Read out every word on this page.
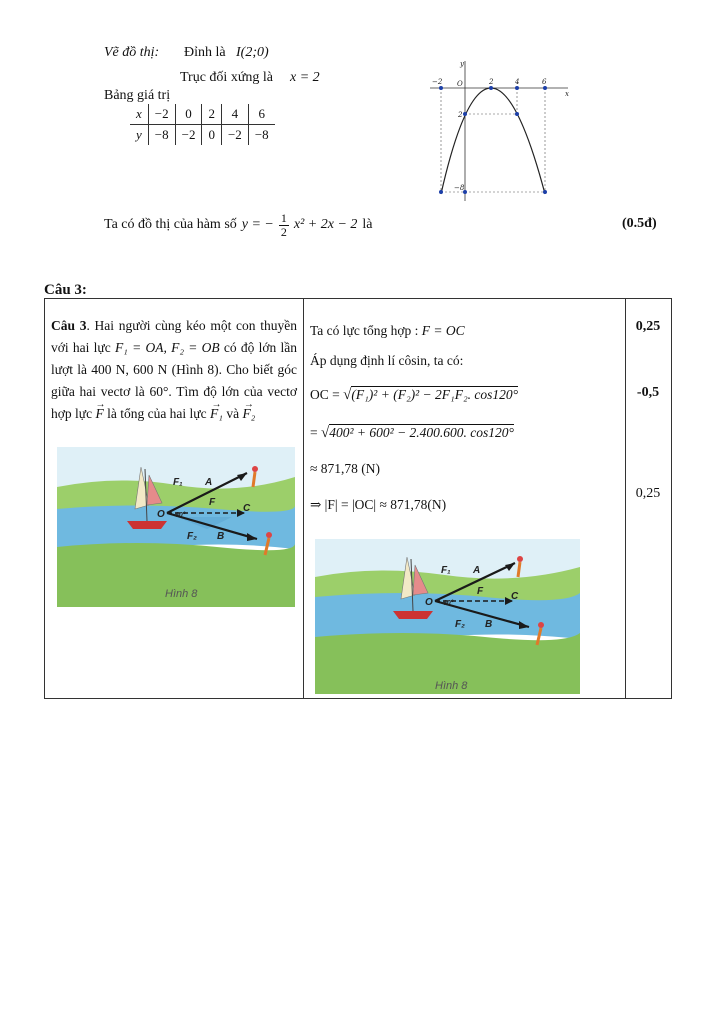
Vẽ đồ thị: Đỉnh là I(2;0)
Trục đối xứng là x = 2
Bảng giá trị
x	−2	0	2	4	6
y	−8	−2	0	−2	−8
y
x
O
−2	2	4	6
2
−8
Ta có đồ thị của hàm số y = − $\frac{1}{2} x^2 + 2x - 2$ là	(0.5đ)
Câu 3:
Câu 3. Hai người cùng kéo một con thuyền với hai lực F₁ = OA, F₂ = OB có độ lớn lần lượt là 400 N, 600 N (Hình 8). Cho biết góc giữa hai vectơ là 60°. Tìm độ lớn của vectơ hợp lực → F là tổng của hai lực → F₁ và → F₂
Hình 8
F₁ A
F
C
O 60°
B
F₂
Ta có lực tổng hợp : F = OC
Áp dụng định lí côsin, ta có:
OC = √(F₁)² + (F₂)² − 2F₁F₂. cos120°
= √400² + 600² − 2.400.600. cos120°
≈ 871,78 (N)
⇒ |F| = |OC| ≈ 871,78(N)
Hình 8
F₁ A
F	C
O 60°
B
F₂
0,25
-0,5
0,25
